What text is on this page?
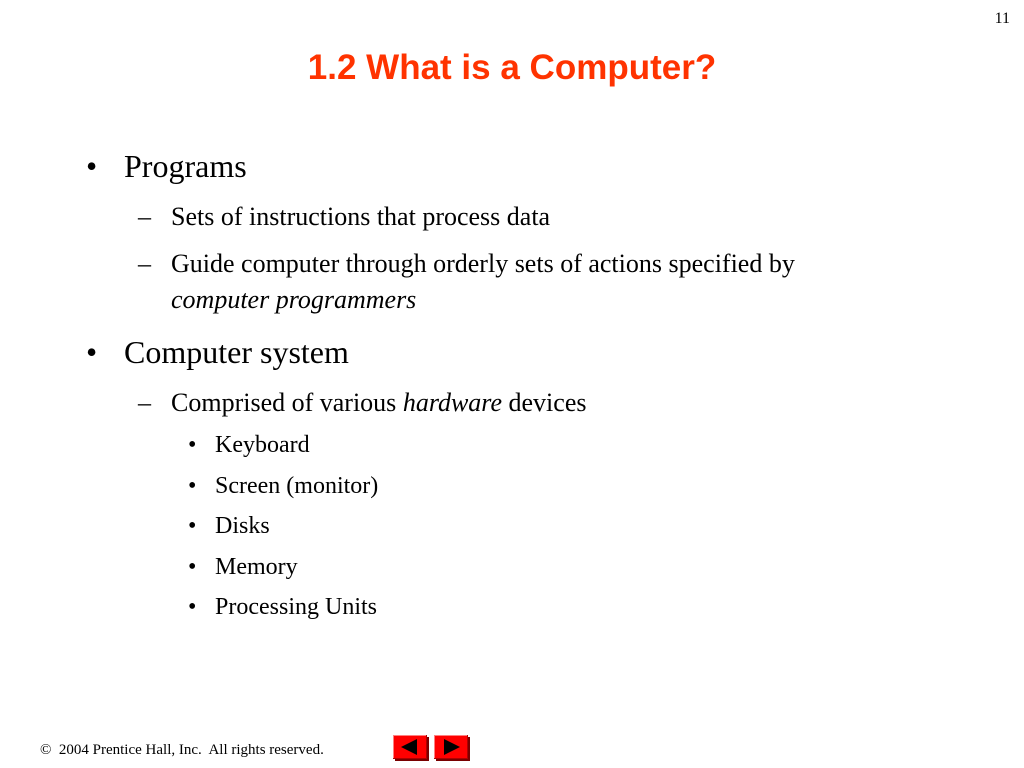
11
1.2 What is a Computer?
• Programs
– Sets of instructions that process data
– Guide computer through orderly sets of actions specified by
computer programmers
• Computer system
– Comprised of various hardware devices
• Keyboard
• Screen (monitor)
• Disks
• Memory
• Processing Units
©  2004 Prentice Hall, Inc.  All rights reserved.
